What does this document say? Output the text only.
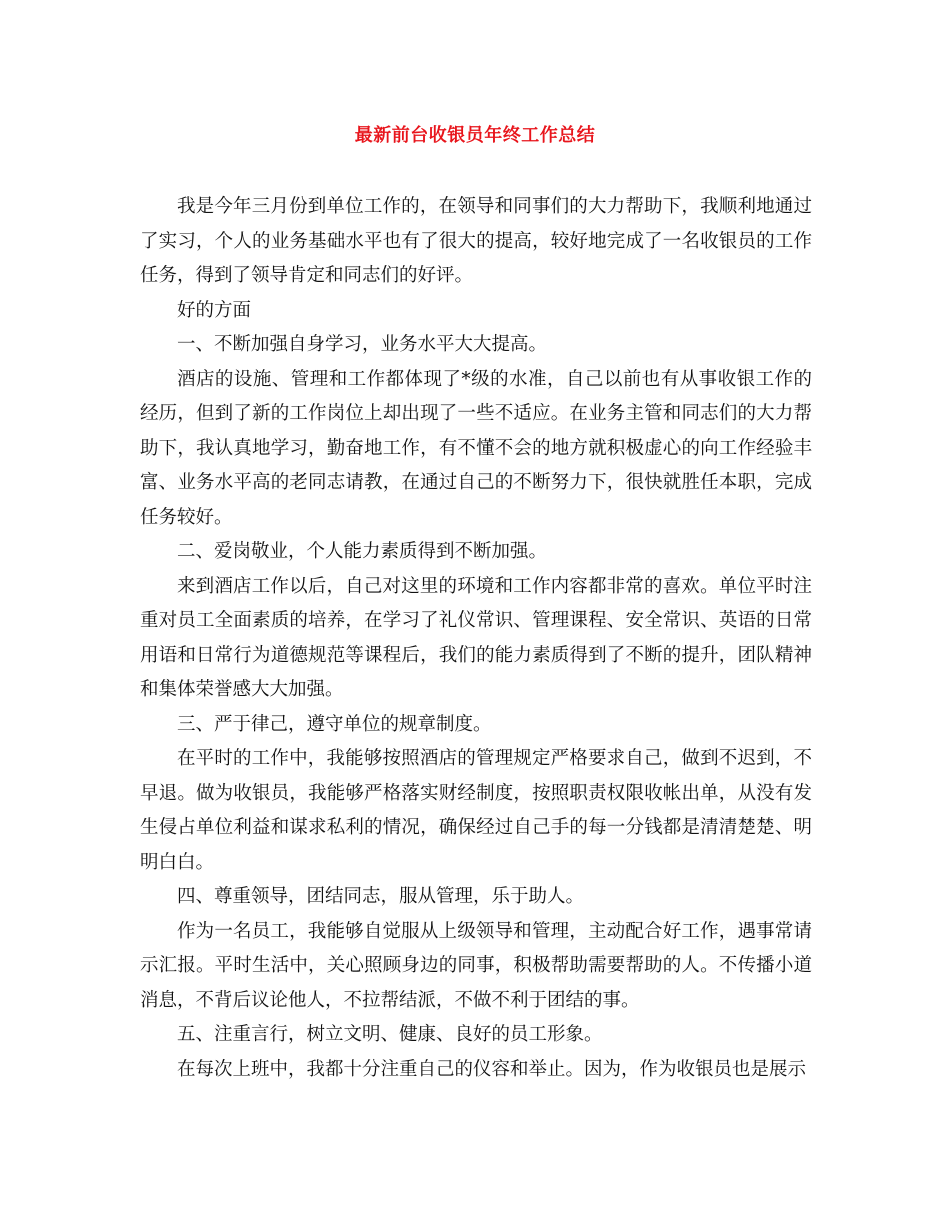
最新前台收银员年终工作总结

我是今年三月份到单位工作的，在领导和同事们的大力帮助下，我顺利地通过了实习，个人的业务基础水平也有了很大的提高，较好地完成了一名收银员的工作任务，得到了领导肯定和同志们的好评。

好的方面

一、不断加强自身学习，业务水平大大提高。

酒店的设施、管理和工作都体现了*级的水准，自己以前也有从事收银工作的经历，但到了新的工作岗位上却出现了一些不适应。在业务主管和同志们的大力帮助下，我认真地学习，勤奋地工作，有不懂不会的地方就积极虚心的向工作经验丰富、业务水平高的老同志请教，在通过自己的不断努力下，很快就胜任本职，完成任务较好。

二、爱岗敬业，个人能力素质得到不断加强。

来到酒店工作以后，自己对这里的环境和工作内容都非常的喜欢。单位平时注重对员工全面素质的培养，在学习了礼仪常识、管理课程、安全常识、英语的日常用语和日常行为道德规范等课程后，我们的能力素质得到了不断的提升，团队精神和集体荣誉感大大加强。

三、严于律己，遵守单位的规章制度。

在平时的工作中，我能够按照酒店的管理规定严格要求自己，做到不迟到，不早退。做为收银员，我能够严格落实财经制度，按照职责权限收帐出单，从没有发生侵占单位利益和谋求私利的情况，确保经过自己手的每一分钱都是清清楚楚、明明白白。

四、尊重领导，团结同志，服从管理，乐于助人。

作为一名员工，我能够自觉服从上级领导和管理，主动配合好工作，遇事常请示汇报。平时生活中，关心照顾身边的同事，积极帮助需要帮助的人。不传播小道消息，不背后议论他人，不拉帮结派，不做不利于团结的事。

五、注重言行，树立文明、健康、良好的员工形象。

在每次上班中，我都十分注重自己的仪容和举止。因为，作为收银员也是展示
